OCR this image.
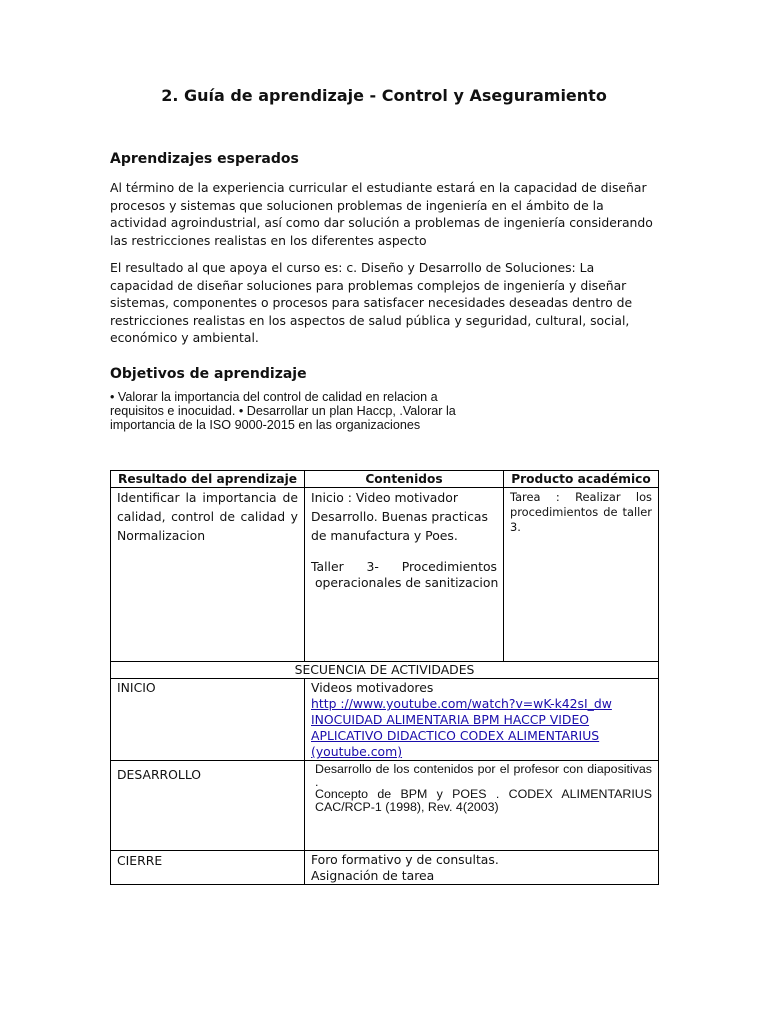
2. Guía de aprendizaje - Control y Aseguramiento
Aprendizajes esperados
Al término de la experiencia curricular el estudiante estará en la capacidad de diseñar procesos y sistemas que solucionen problemas de ingeniería en el ámbito de la actividad agroindustrial, así como dar solución a problemas de ingeniería considerando las restricciones realistas en los diferentes aspecto
El resultado al que apoya el curso es: c. Diseño y Desarrollo de Soluciones: La capacidad de diseñar soluciones para problemas complejos de ingeniería y diseñar sistemas, componentes o procesos para satisfacer necesidades deseadas dentro de restricciones realistas en los aspectos de salud pública y seguridad, cultural, social, económico y ambiental.
Objetivos de aprendizaje
• Valorar la importancia del control de calidad en relacion a requisitos e inocuidad. • Desarrollar un plan Haccp, .Valorar la importancia de la ISO 9000-2015 en las organizaciones
Resultado del aprendizaje	Contenidos	Producto académico

Identificar la importancia de calidad, control de calidad y Normalizacion	Inicio : Video motivador
Desarrollo. Buenas practicas de manufactura y Poes.
Taller 3- Procedimientos
operacionales de sanitizacion	Tarea : Realizar los procedimientos de taller 3.

SECUENCIA DE ACTIVIDADES		
INICIO	Videos motivadores
http ://www.youtube.com/watch?v=wK-k42sI_dw
INOCUIDAD ALIMENTARIA BPM HACCP VIDEO APLICATIVO DIDACTICO CODEX ALIMENTARIUS (youtube.com)	

DESARROLLO	Desarrollo de los contenidos por el profesor con diapositivas .
Concepto de BPM y POES . CODEX ALIMENTARIUS CAC/RCP-1 (1998), Rev. 4(2003)	

CIERRE	Foro formativo y de consultas.
Asignación de tarea	
